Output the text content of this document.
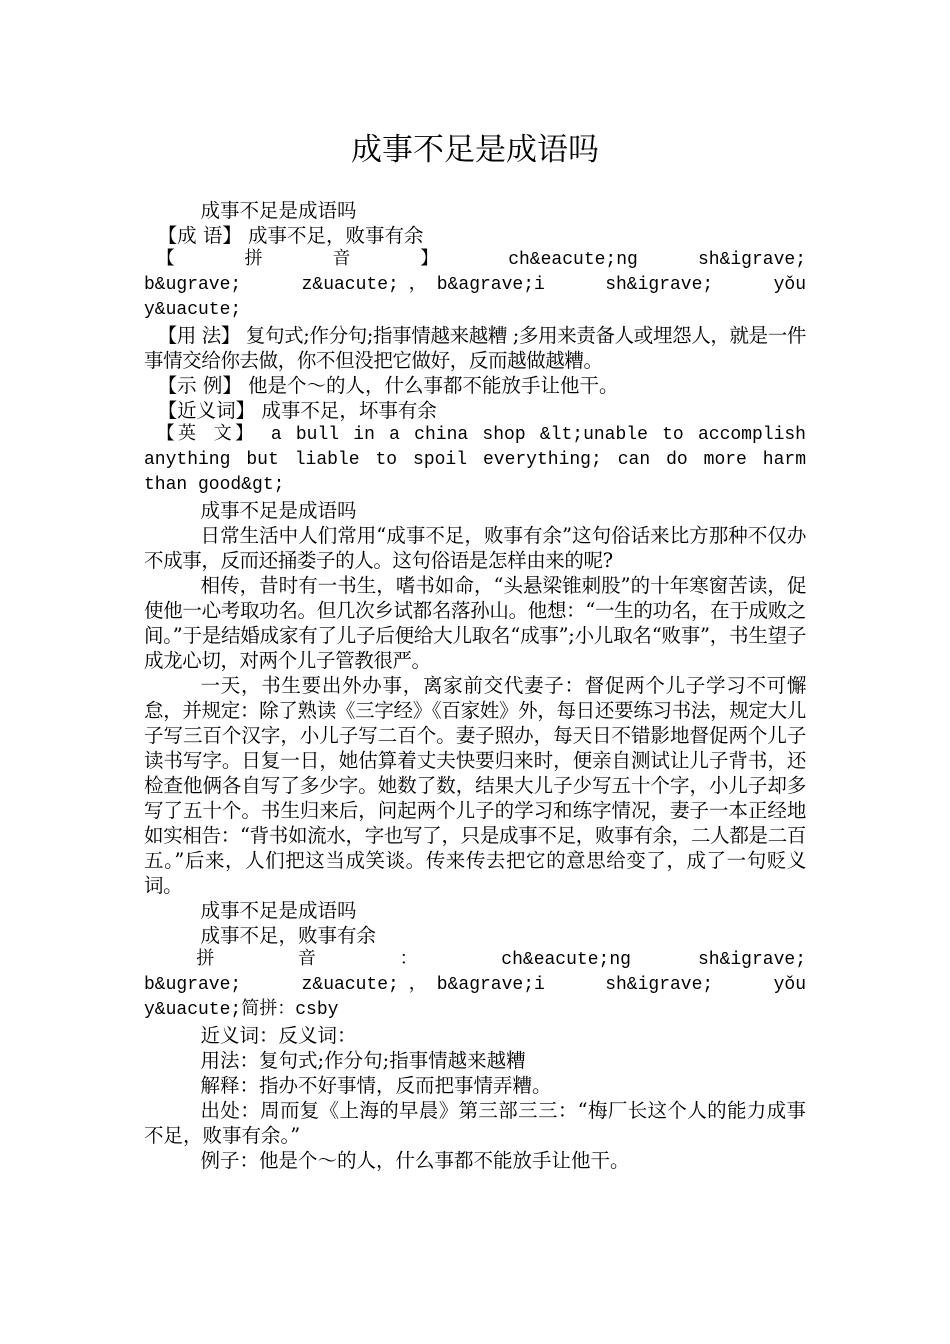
成事不足是成语吗

成事不足是成语吗

【成 语】 成事不足，败事有余

【 拼 音 】 ch&eacute;ng sh&igrave; b&ugrave; z&uacute;，b&agrave;i sh&igrave; yǒu y&uacute;

【用 法】 复句式;作分句;指事情越来越糟 ;多用来责备人或埋怨人，就是一件事情交给你去做，你不但没把它做好，反而越做越糟。

【示 例】 他是个～的人，什么事都不能放手让他干。

【近义词】 成事不足，坏事有余

【英 文】 a bull in a china shop &lt;unable to accomplish anything but liable to spoil everything; can do more harm than good&gt;

成事不足是成语吗

日常生活中人们常用“成事不足，败事有余”这句俗话来比方那种不仅办不成事，反而还捅娄子的人。这句俗语是怎样由来的呢?

相传，昔时有一书生，嗜书如命，“头悬梁锥刺股”的十年寒窗苦读，促使他一心考取功名。但几次乡试都名落孙山。他想：“一生的功名，在于成败之间。”于是结婚成家有了儿子后便给大儿取名“成事”;小儿取名“败事”，书生望子成龙心切，对两个儿子管教很严。

一天，书生要出外办事，离家前交代妻子：督促两个儿子学习不可懈怠，并规定：除了熟读《三字经》《百家姓》外，每日还要练习书法，规定大儿子写三百个汉字，小儿子写二百个。妻子照办，每天日不错影地督促两个儿子读书写字。日复一日，她估算着丈夫快要归来时，便亲自测试让儿子背书，还检查他俩各自写了多少字。她数了数，结果大儿子少写五十个字，小儿子却多写了五十个。书生归来后，问起两个儿子的学习和练字情况，妻子一本正经地如实相告：“背书如流水，字也写了，只是成事不足，败事有余，二人都是二百五。”后来，人们把这当成笑谈。传来传去把它的意思给变了，成了一句贬义词。

成事不足是成语吗

成事不足，败事有余

拼 音 ： ch&eacute;ng sh&igrave; b&ugrave; z&uacute;，b&agrave;i sh&igrave; yǒu y&uacute;简拼：csby

近义词：反义词：

用法：复句式;作分句;指事情越来越糟

解释：指办不好事情，反而把事情弄糟。

出处：周而复《上海的早晨》第三部三三：“梅厂长这个人的能力成事不足，败事有余。”

例子：他是个～的人，什么事都不能放手让他干。
